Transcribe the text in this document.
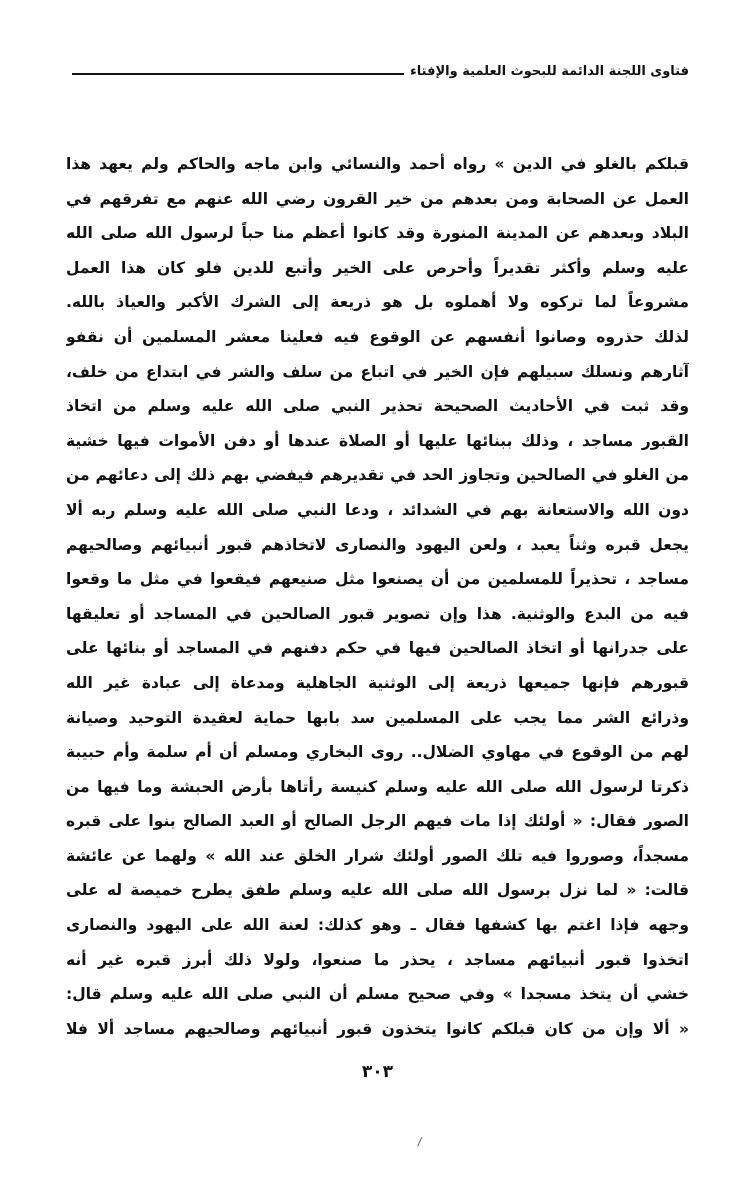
فتاوى اللجنة الدائمة للبحوث العلمية والإفتاء
قبلكم بالغلو في الدين » رواه أحمد والنسائي وابن ماجه والحاكم ولم يعهد هذا
العمل عن الصحابة ومن بعدهم من خير القرون رضي الله عنهم مع تفرقهم في
البلاد وبعدهم عن المدينة المنورة وقد كانوا أعظم منا حباً لرسول الله صلى الله
عليه وسلم وأكثر تقديراً وأحرص على الخير وأتبع للدين فلو كان هذا العمل
مشروعاً لما تركوه ولا أهملوه بل هو ذريعة إلى الشرك الأكبر والعياذ بالله.
لذلك حذروه وصانوا أنفسهم عن الوقوع فيه فعلينا معشر المسلمين أن نقفو
آثارهم ونسلك سبيلهم فإن الخير في اتباع من سلف والشر في ابتداع من خلف،
وقد ثبت في الأحاديث الصحيحة تحذير النبي صلى الله عليه وسلم من اتخاذ
القبور مساجد ، وذلك ببنائها عليها أو الصلاة عندها أو دفن الأموات فيها خشية
من الغلو في الصالحين وتجاوز الحد في تقديرهم فيفضي بهم ذلك إلى دعائهم من
دون الله والاستعانة بهم في الشدائد ، ودعا النبي صلى الله عليه وسلم ربه ألا
يجعل قبره وثناً يعبد ، ولعن اليهود والنصارى لاتخاذهم قبور أنبيائهم وصالحيهم
مساجد ، تحذيراً للمسلمين من أن يصنعوا مثل صنيعهم فيقعوا في مثل ما وقعوا
فيه من البدع والوثنية. هذا وإن تصوير قبور الصالحين في المساجد أو تعليقها
على جدرانها أو اتخاذ الصالحين فيها في حكم دفنهم في المساجد أو بنائها على
قبورهم فإنها جميعها ذريعة إلى الوثنية الجاهلية ومدعاة إلى عبادة غير الله
وذرائع الشر مما يجب على المسلمين سد بابها حماية لعقيدة التوحيد وصيانة
لهم من الوقوع في مهاوي الضلال.. روى البخاري ومسلم أن أم سلمة وأم حبيبة
ذكرتا لرسول الله صلى الله عليه وسلم كنيسة رأتاها بأرض الحبشة وما فيها من
الصور فقال: « أولئك إذا مات فيهم الرجل الصالح أو العبد الصالح بنوا على قبره
مسجداً، وصوروا فيه تلك الصور أولئك شرار الخلق عند الله » ولهما عن عائشة
قالت: « لما نزل برسول الله صلى الله عليه وسلم طفق يطرح خميصة له على
وجهه فإذا اغتم بها كشفها فقال ـ وهو كذلك: لعنة الله على اليهود والنصارى
اتخذوا قبور أنبيائهم مساجد ، يحذر ما صنعوا، ولولا ذلك أبرز قبره غير أنه
خشي أن يتخذ مسجدا » وفي صحيح مسلم أن النبي صلى الله عليه وسلم قال:
« ألا وإن من كان قبلكم كانوا يتخذون قبور أنبيائهم وصالحيهم مساجد ألا فلا
٣٠٣
